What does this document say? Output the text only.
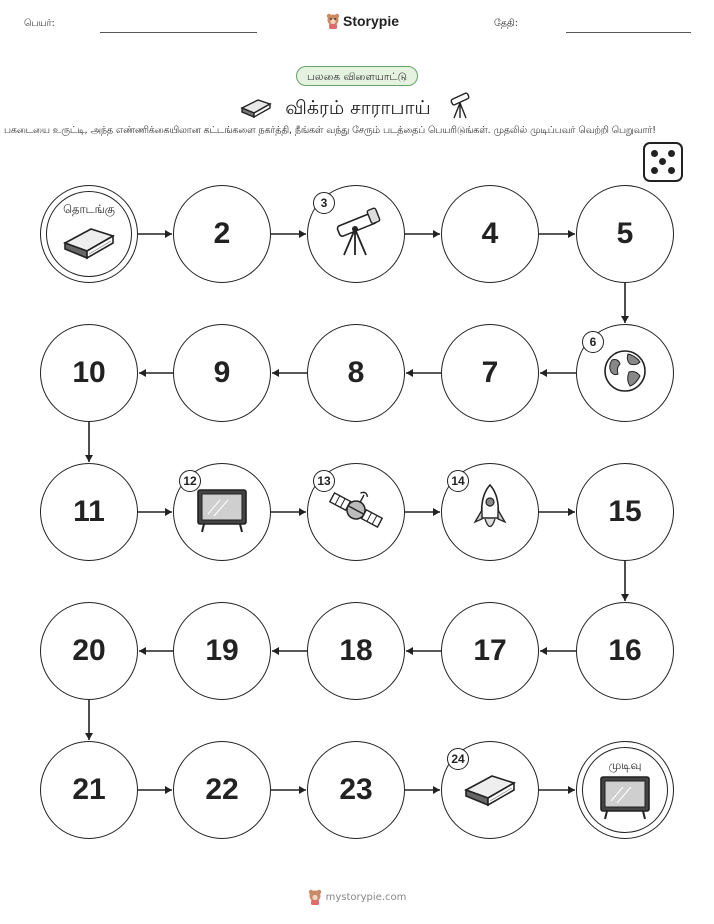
பெயர்:	Storypie	தேதி:
பலகை விளையாட்டு
விக்ரம் சாராபாய்
பகடையை உருட்டி, அந்த எண்ணிக்கையிலான கட்டங்களை நகர்த்தி, நீங்கள் வந்து சேரும் படத்தைப் பெயரிடுங்கள். முதலில் முடிப்பவர் வெற்றி பெறுவார்!
தொடங்கு
2
3
4	5
6
7
8
9
10
11
12	13	14
15
16
17
18
19
20
21	22	23
24	முடிவு
mystorypie.com
